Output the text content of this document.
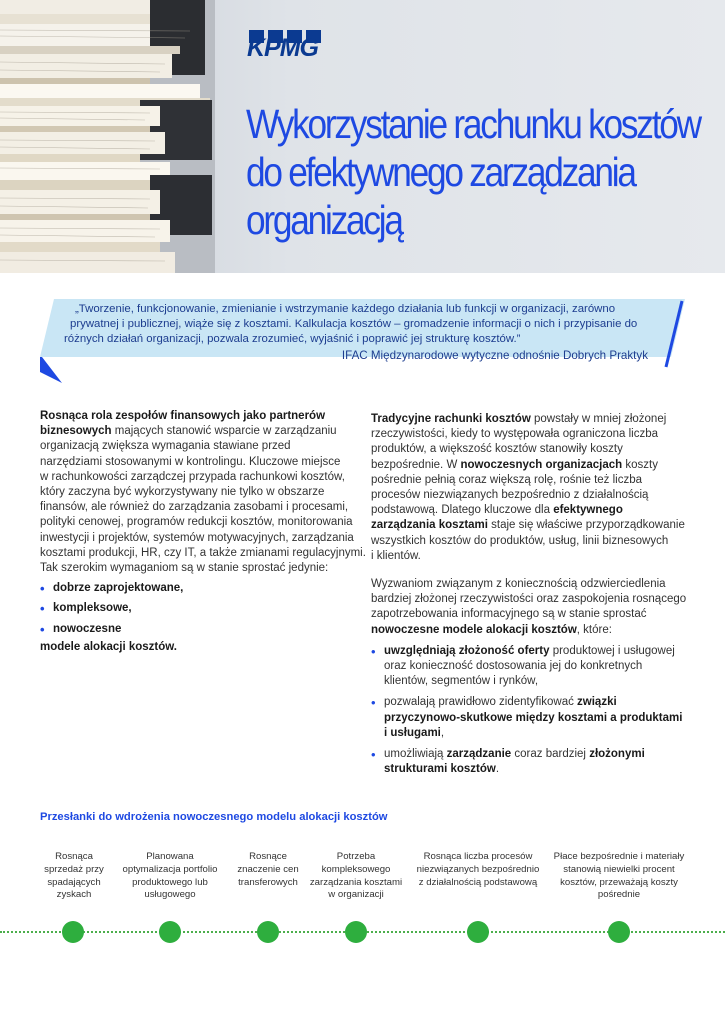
KPMG
Wykorzystanie rachunku kosztów
do efektywnego zarządzania
organizacją

„Tworzenie, funkcjonowanie, zmienianie i wstrzymanie każdego działania lub funkcji w organizacji, zarówno

prywatnej i publicznej, wiąże się z kosztami. Kalkulacja kosztów – gromadzenie informacji o nich i przypisanie do

różnych działań organizacji, pozwala zrozumieć, wyjaśnić i poprawić jej strukturę kosztów.”

IFAC Międzynarodowe wytyczne odnośnie Dobrych Praktyk

Rosnąca rola zespołów finansowych jako partnerów

biznesowych mających stanowić wsparcie w zarządzaniu

organizacją zwiększa wymagania stawiane przed

narzędziami stosowanymi w kontrolingu. Kluczowe miejsce

w rachunkowości zarządczej przypada rachunkowi kosztów,

który zaczyna być wykorzystywany nie tylko w obszarze

finansów, ale również do zarządzania zasobami i procesami,

polityki cenowej, programów redukcji kosztów, monitorowania

inwestycji i projektów, systemów motywacyjnych, zarządzania

kosztami produkcji, HR, czy IT, a także zmianami regulacyjnymi.

Tak szerokim wymaganiom są w stanie sprostać jedynie:

• dobrze zaprojektowane,
• kompleksowe,
• nowoczesne

modele alokacji kosztów.

Tradycyjne rachunki kosztów powstały w mniej złożonej

rzeczywistości, kiedy to występowała ograniczona liczba

produktów, a większość kosztów stanowiły koszty

bezpośrednie. W nowoczesnych organizacjach koszty

pośrednie pełnią coraz większą rolę, rośnie też liczba

procesów niezwiązanych bezpośrednio z działalnością

podstawową. Dlatego kluczowe dla efektywnego

zarządzania kosztami staje się właściwe przyporządkowanie

wszystkich kosztów do produktów, usług, linii biznesowych

i klientów.

Wyzwaniom związanym z koniecznością odzwierciedlenia

bardziej złożonej rzeczywistości oraz zaspokojenia rosnącego

zapotrzebowania informacyjnego są w stanie sprostać

nowoczesne modele alokacji kosztów, które:

• uwzględniają złożoność oferty produktowej i usługowej

oraz konieczność dostosowania jej do konkretnych

klientów, segmentów i rynków,

• pozwalają prawidłowo zidentyfikować związki

przyczynowo-skutkowe między kosztami a produktami

i usługami,

• umożliwiają zarządzanie coraz bardziej złożonymi

strukturami kosztów.

Przesłanki do wdrożenia nowoczesnego modelu alokacji kosztów

Rosnąca

sprzedaż przy

spadających

zyskach

Planowana

optymalizacja portfolio

produktowego lub

usługowego

Rosnące

znaczenie cen

transferowych

Potrzeba

kompleksowego

zarządzania kosztami

w organizacji

Rosnąca liczba procesów

niezwiązanych bezpośrednio

z działalnością podstawową

Płace bezpośrednie i materiały

stanowią niewielki procent

kosztów, przeważają koszty

pośrednie
